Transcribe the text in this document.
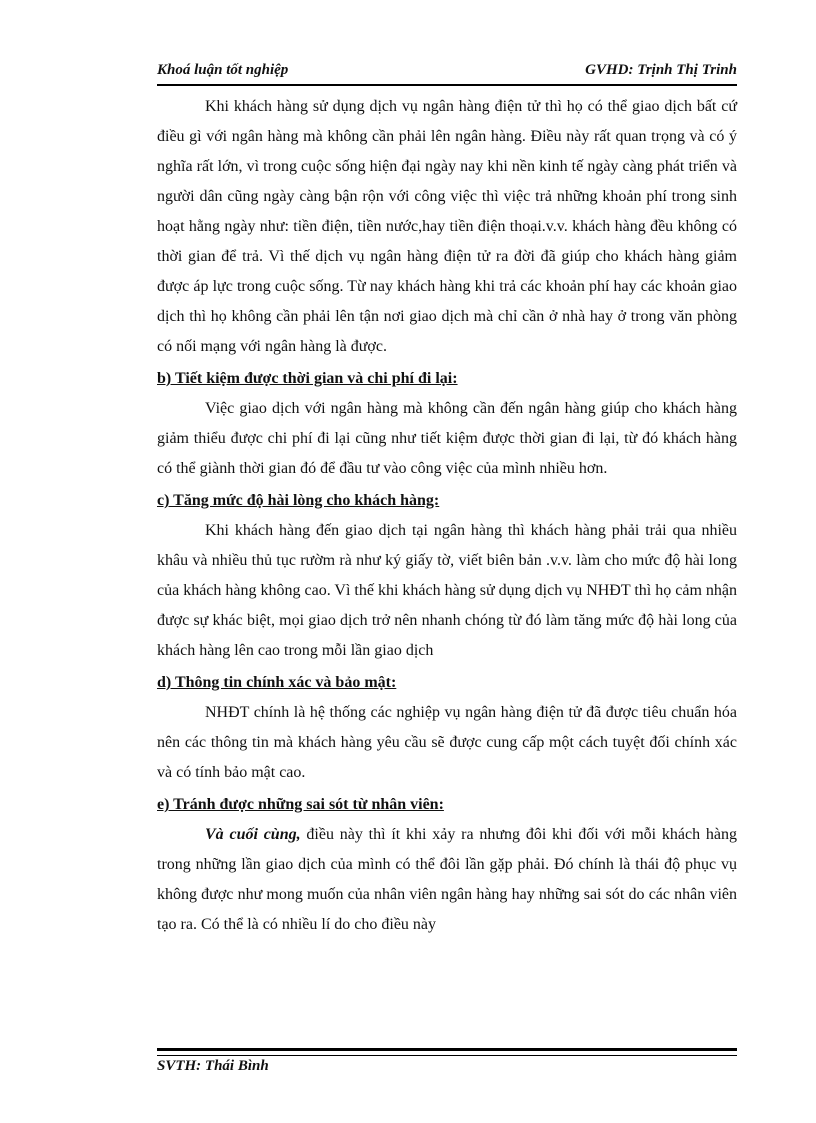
Khoá luận tốt nghiệp	GVHD: Trịnh Thị Trinh

Khi khách hàng sử dụng dịch vụ ngân hàng điện tử thì họ có thể giao dịch bất cứ điều gì với ngân hàng mà không cần phải lên ngân hàng. Điều này rất quan trọng và có ý nghĩa rất lớn, vì trong cuộc sống hiện đại ngày nay khi nền kinh tế ngày càng phát triển và người dân cũng ngày càng bận rộn với công việc thì việc trả những khoản phí trong sinh hoạt hằng ngày như: tiền điện, tiền nước,hay tiền điện thoại.v.v. khách hàng đều không có thời gian để trả. Vì thế dịch vụ ngân hàng điện tử ra đời đã giúp cho khách hàng giảm được áp lực trong cuộc sống. Từ nay khách hàng khi trả các khoản phí hay các khoản giao dịch thì họ không cần phải lên tận nơi giao dịch mà chỉ cần ở nhà hay ở trong văn phòng có nối mạng với ngân hàng là được.

b) Tiết kiệm được thời gian và chi phí đi lại:

Việc giao dịch với ngân hàng mà không cần đến ngân hàng giúp cho khách hàng giảm thiểu được chi phí đi lại cũng như tiết kiệm được thời gian đi lại, từ đó khách hàng có thể giành thời gian đó để đầu tư vào công việc của mình nhiều hơn.

c) Tăng mức độ hài lòng cho khách hàng:

Khi khách hàng đến giao dịch tại ngân hàng thì khách hàng phải trải qua nhiều khâu và nhiều thủ tục rườm rà như ký giấy tờ, viết biên bản .v.v. làm cho mức độ hài long của khách hàng không cao. Vì thế khi khách hàng sử dụng dịch vụ NHĐT thì họ cảm nhận được sự khác biệt, mọi giao dịch trở nên nhanh chóng từ đó làm tăng mức độ hài long của khách hàng lên cao trong mỗi lần giao dịch

d) Thông tin chính xác và bảo mật:

NHĐT chính là hệ thống các nghiệp vụ ngân hàng điện tử đã được tiêu chuẩn hóa nên các thông tin mà khách hàng yêu cầu sẽ được cung cấp một cách tuyệt đối chính xác và có tính bảo mật cao.

e) Tránh được những sai sót từ nhân viên:

Và cuối cùng, điều này thì ít khi xảy ra nhưng đôi khi đối với mỗi khách hàng trong những lần giao dịch của mình có thể đôi lần gặp phải. Đó chính là thái độ phục vụ không được như mong muốn của nhân viên ngân hàng hay những sai sót do các nhân viên tạo ra. Có thể là có nhiều lí do cho điều này

SVTH: Thái Bình
